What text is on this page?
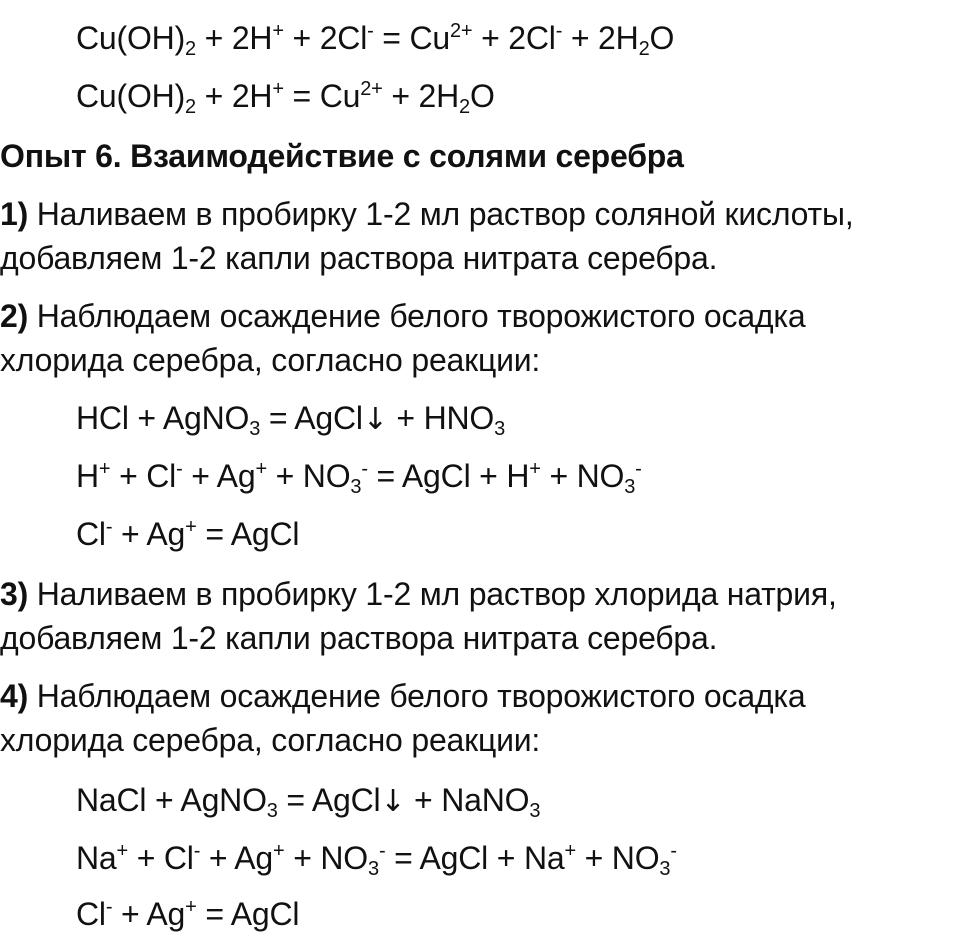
$Cu(OH)_2 + 2H^+ + 2Cl^- = Cu^{2+} + 2Cl^- + 2H_2O$
$Cu(OH)_2 + 2H^+ = Cu^{2+} + 2H_2O$
Опыт 6. Взаимодействие с солями серебра
1) Наливаем в пробирку 1-2 мл раствор соляной кислоты,
добавляем 1-2 капли раствора нитрата серебра.
2) Наблюдаем осаждение белого творожистого осадка
хлорида серебра, согласно реакции:
HCl + AgNO$_3$ = AgCl↓ + $HNO_3$
$H^+ + Cl^- + Ag^+ + NO_3^-$ = AgCl + $H^+ + NO_3^-$
Cl- + Ag+ = AgCl
3) Наливаем в пробирку 1-2 мл раствор хлорида натрия,
добавляем 1-2 капли раствора нитрата серебра.
4) Наблюдаем осаждение белого творожистого осадка
хлорида серебра, согласно реакции:
NaCl + AgNO$_3$ = AgCl↓ + NaNO$_3$
$Na^+ + Cl^- + Ag^+ + NO_3^-$ = AgCl + $Na^+ + NO_3^-$
Cl- + Ag+ = AgCl
